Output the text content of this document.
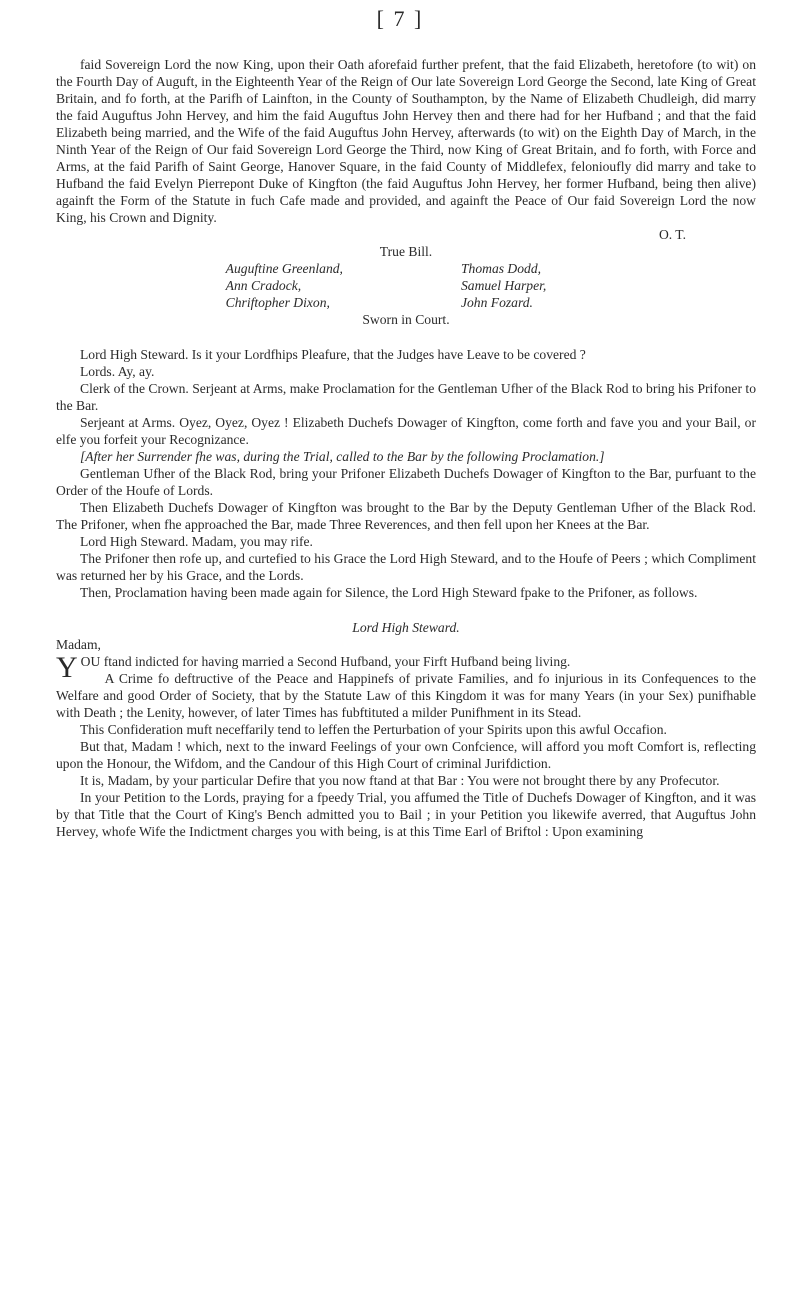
[ 7 ]

faid Sovereign Lord the now King, upon their Oath aforefaid further prefent, that the faid Elizabeth, heretofore (to wit) on the Fourth Day of Auguft, in the Eighteenth Year of the Reign of Our late Sovereign Lord George the Second, late King of Great Britain, and fo forth, at the Parifh of Lainfton, in the County of Southampton, by the Name of Elizabeth Chudleigh, did marry the faid Auguftus John Hervey, and him the faid Auguftus John Hervey then and there had for her Hufband ; and that the faid Elizabeth being married, and the Wife of the faid Auguftus John Hervey, afterwards (to wit) on the Eighth Day of March, in the Ninth Year of the Reign of Our faid Sovereign Lord George the Third, now King of Great Britain, and fo forth, with Force and Arms, at the faid Parifh of Saint George, Hanover Square, in the faid County of Middlefex, felonioufly did marry and take to Hufband the faid Evelyn Pierrepont Duke of Kingfton (the faid Auguftus John Hervey, her former Hufband, being then alive) againft the Form of the Statute in fuch Cafe made and provided, and againft the Peace of Our faid Sovereign Lord the now King, his Crown and Dignity.

O. T.

True Bill.

Auguftine Greenland,
Ann Cradock,
Chriftopher Dixon,
Thomas Dodd,
Samuel Harper,
John Fozard.

Sworn in Court.

Lord High Steward. Is it your Lordfhips Pleafure, that the Judges have Leave to be covered ?

Lords. Ay, ay.

Clerk of the Crown. Serjeant at Arms, make Proclamation for the Gentleman Ufher of the Black Rod to bring his Prifoner to the Bar.

Serjeant at Arms. Oyez, Oyez, Oyez ! Elizabeth Duchefs Dowager of Kingfton, come forth and fave you and your Bail, or elfe you forfeit your Recognizance.

[After her Surrender fhe was, during the Trial, called to the Bar by the following Proclamation.]

Gentleman Ufher of the Black Rod, bring your Prifoner Elizabeth Duchefs Dowager of Kingfton to the Bar, purfuant to the Order of the Houfe of Lords.

Then Elizabeth Duchefs Dowager of Kingfton was brought to the Bar by the Deputy Gentleman Ufher of the Black Rod. The Prifoner, when fhe approached the Bar, made Three Reverences, and then fell upon her Knees at the Bar.

Lord High Steward. Madam, you may rife.

The Prifoner then rofe up, and curtefied to his Grace the Lord High Steward, and to the Houfe of Peers ; which Compliment was returned her by his Grace, and the Lords.

Then, Proclamation having been made again for Silence, the Lord High Steward fpake to the Prifoner, as follows.

Lord High Steward.

Madam,

YOU ftand indicted for having married a Second Hufband, your Firft Hufband being living.

A Crime fo deftructive of the Peace and Happinefs of private Families, and fo injurious in its Confequences to the Welfare and good Order of Society, that by the Statute Law of this Kingdom it was for many Years (in your Sex) punifhable with Death ; the Lenity, however, of later Times has fubftituted a milder Punifhment in its Stead.

This Confideration muft neceffarily tend to leffen the Perturbation of your Spirits upon this awful Occafion.

But that, Madam ! which, next to the inward Feelings of your own Confcience, will afford you moft Comfort is, reflecting upon the Honour, the Wifdom, and the Candour of this High Court of criminal Jurifdiction.

It is, Madam, by your particular Defire that you now ftand at that Bar : You were not brought there by any Profecutor.

In your Petition to the Lords, praying for a fpeedy Trial, you affumed the Title of Duchefs Dowager of Kingfton, and it was by that Title that the Court of King's Bench admitted you to Bail ; in your Petition you likewife averred, that Auguftus John Hervey, whofe Wife the Indictment charges you with being, is at this Time Earl of Briftol : Upon examining
